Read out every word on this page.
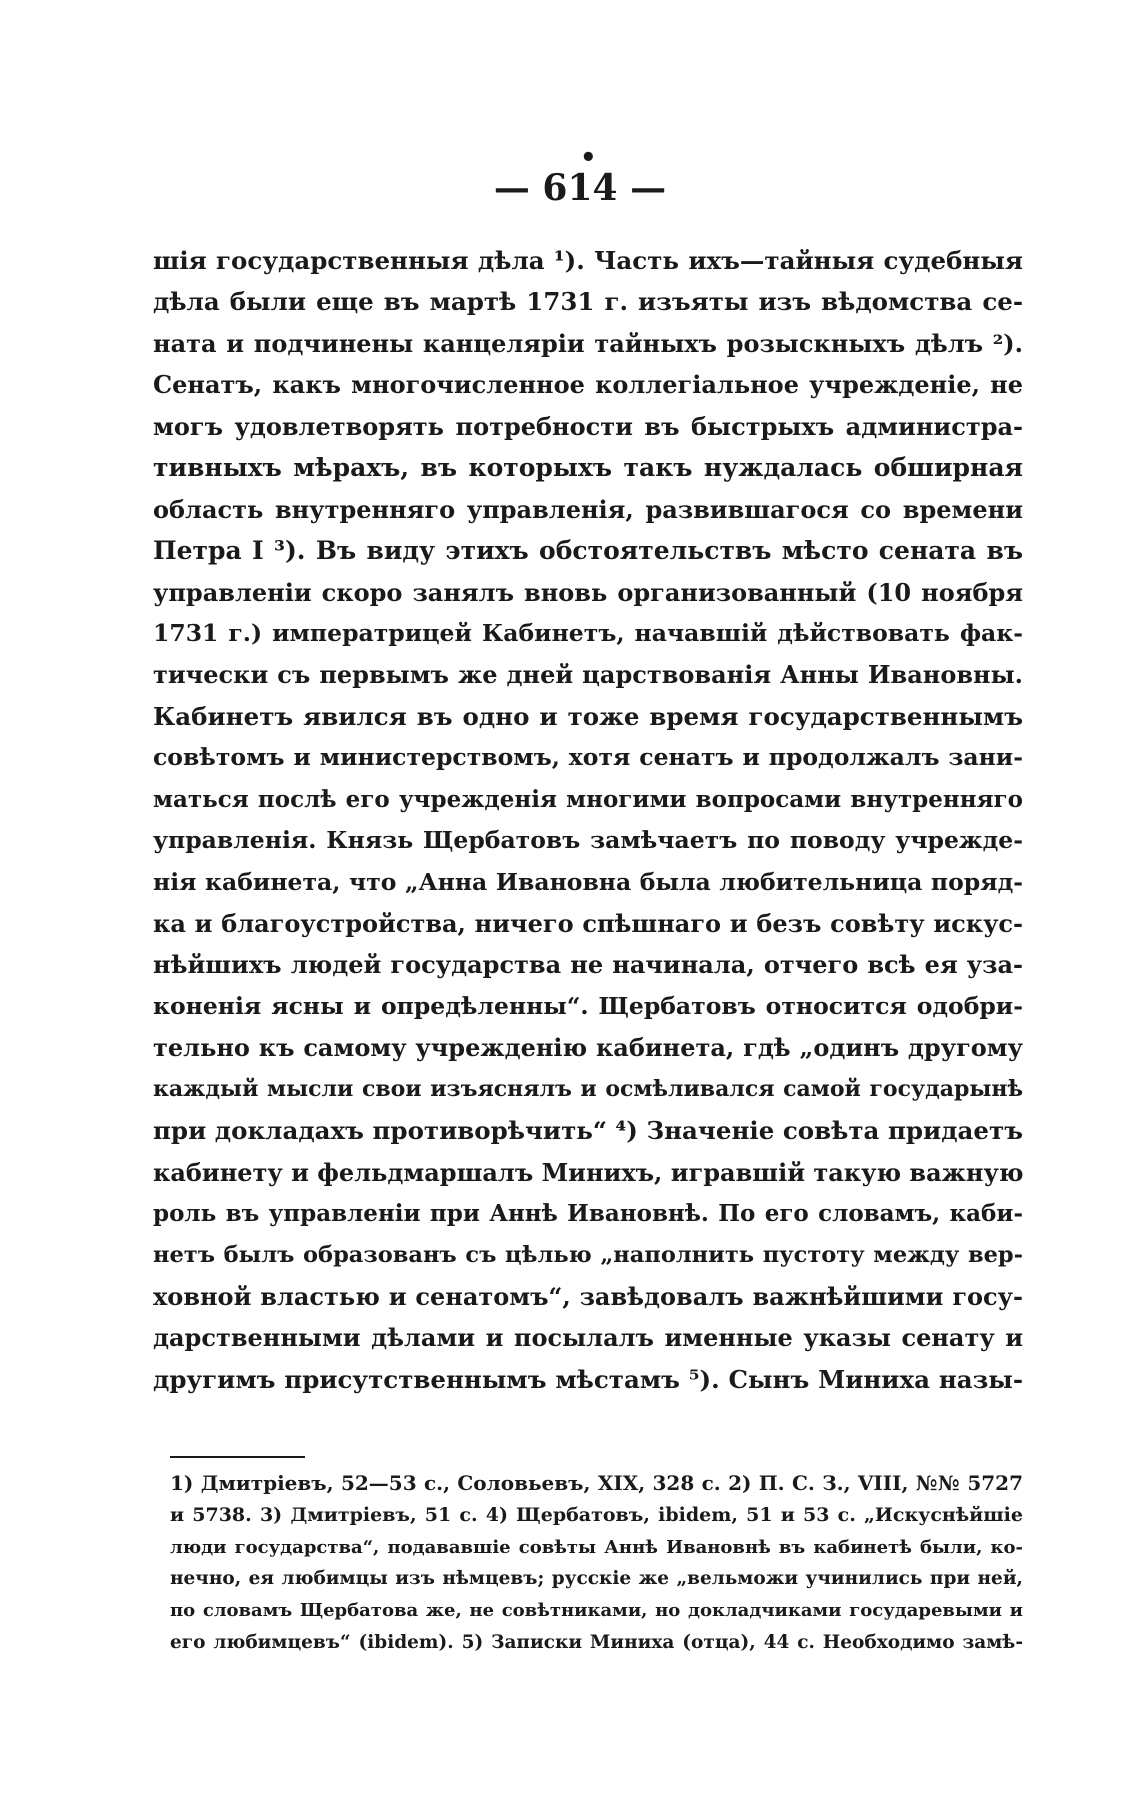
•
— 614 —
шія государственныя дѣла ¹). Часть ихъ—тайныя судебныя
дѣла были еще въ мартѣ 1731 г. изъяты изъ вѣдомства се-
ната и подчинены канцеляріи тайныхъ розыскныхъ дѣлъ ²).
Сенатъ, какъ многочисленное коллегіальное учрежденіе, не
могъ удовлетворять потребности въ быстрыхъ администра-
тивныхъ мѣрахъ, въ которыхъ такъ нуждалась обширная
область внутренняго управленія, развившагося со времени
Петра I ³). Въ виду этихъ обстоятельствъ мѣсто сената въ
управленіи скоро занялъ вновь организованный (10 ноября
1731 г.) императрицей Кабинетъ, начавшій дѣйствовать фак-
тически съ первымъ же дней царствованія Анны Ивановны.
Кабинетъ явился въ одно и тоже время государственнымъ
совѣтомъ и министерствомъ, хотя сенатъ и продолжалъ зани-
маться послѣ его учрежденія многими вопросами внутренняго
управленія. Князь Щербатовъ замѣчаетъ по поводу учрежде-
нія кабинета, что „Анна Ивановна была любительница поряд-
ка и благоустройства, ничего спѣшнаго и безъ совѣту искус-
нѣйшихъ людей государства не начинала, отчего всѣ ея уза-
коненія ясны и опредѣленны“. Щербатовъ относится одобри-
тельно къ самому учрежденію кабинета, гдѣ „одинъ другому
каждый мысли свои изъяснялъ и осмѣливался самой государынѣ
при докладахъ противорѣчить“ ⁴) Значеніе совѣта придаетъ
кабинету и фельдмаршалъ Минихъ, игравшій такую важную
роль въ управленіи при Аннѣ Ивановнѣ. По его словамъ, каби-
нетъ былъ образованъ съ цѣлью „наполнить пустоту между вер-
ховной властью и сенатомъ“, завѣдовалъ важнѣйшими госу-
дарственными дѣлами и посылалъ именные указы сенату и
другимъ присутственнымъ мѣстамъ ⁵). Сынъ Миниха назы-
1) Дмитріевъ, 52—53 с., Соловьевъ, XIX, 328 с. 2) П. С. З., VIII, №№ 5727
и 5738. 3) Дмитріевъ, 51 с. 4) Щербатовъ, ibidem, 51 и 53 с. „Искуснѣйшіе
люди государства“, подававшіе совѣты Аннѣ Ивановнѣ въ кабинетѣ были, ко-
нечно, ея любимцы изъ нѣмцевъ; русскіе же „вельможи учинились при ней,
по словамъ Щербатова же, не совѣтниками, но докладчиками государевыми и
его любимцевъ“ (ibidem). 5) Записки Миниха (отца), 44 с. Необходимо замѣ-
